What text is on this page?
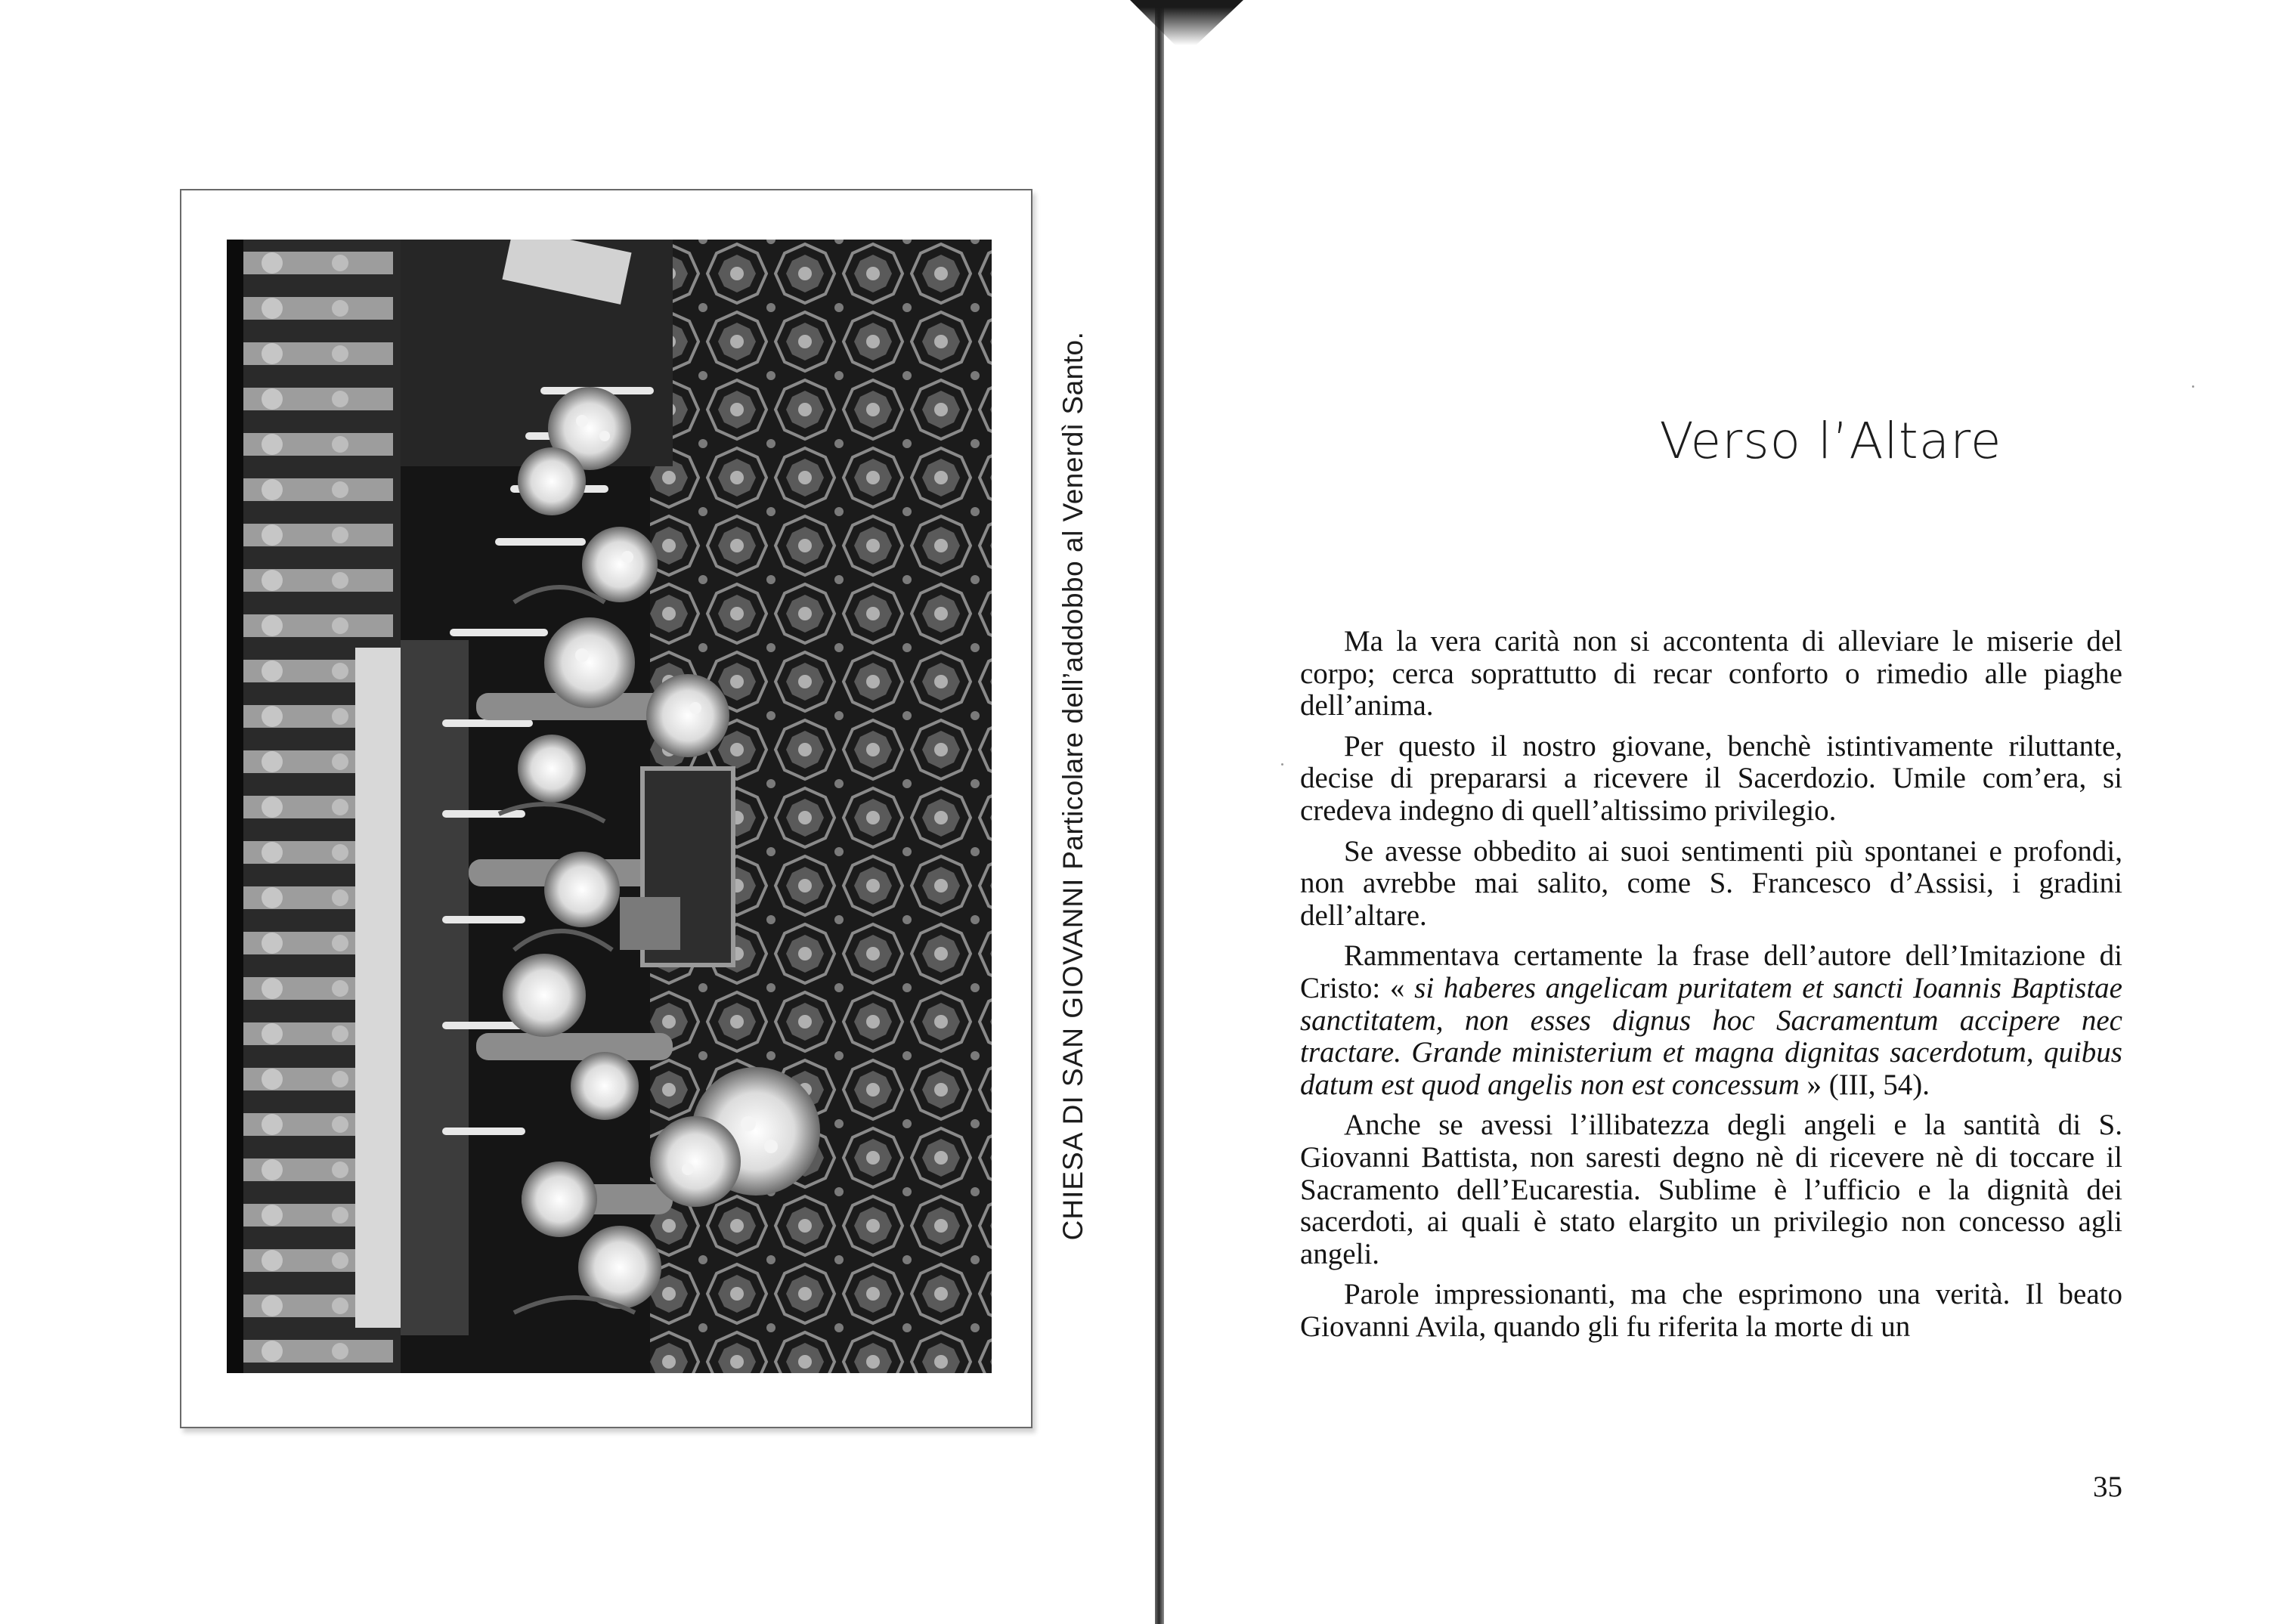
CHIESA DI SAN GIOVANNI Particolare dell’addobbo al Venerdì Santo.	Verso l’Altare

Ma la vera carità non si accontenta di alleviare le miserie del corpo; cerca soprattutto di recar conforto o rimedio alle piaghe dell’anima.

Per questo il nostro giovane, benchè istintivamente riluttante, decise di prepararsi a ricevere il Sacerdozio. Umile com’era, si credeva indegno di quell’altissimo privilegio.

Se avesse obbedito ai suoi sentimenti più spontanei e profondi, non avrebbe mai salito, come S. Francesco d’Assisi, i gradini dell’altare.

Rammentava certamente la frase dell’autore dell’Imitazione di Cristo: « si haberes angelicam puritatem et sancti Ioannis Baptistae sanctitatem, non esses dignus hoc Sacramentum accipere nec tractare. Grande ministerium et magna dignitas sacerdotum, quibus datum est quod angelis non est concessum » (III, 54).

Anche se avessi l’illibatezza degli angeli e la santità di S. Giovanni Battista, non saresti degno nè di ricevere nè di toccare il Sacramento dell’Eucarestia. Sublime è l’ufficio e la dignità dei sacerdoti, ai quali è stato elargito un privilegio non concesso agli angeli.

Parole impressionanti, ma che esprimono una verità. Il beato Giovanni Avila, quando gli fu riferita la morte di un

35
